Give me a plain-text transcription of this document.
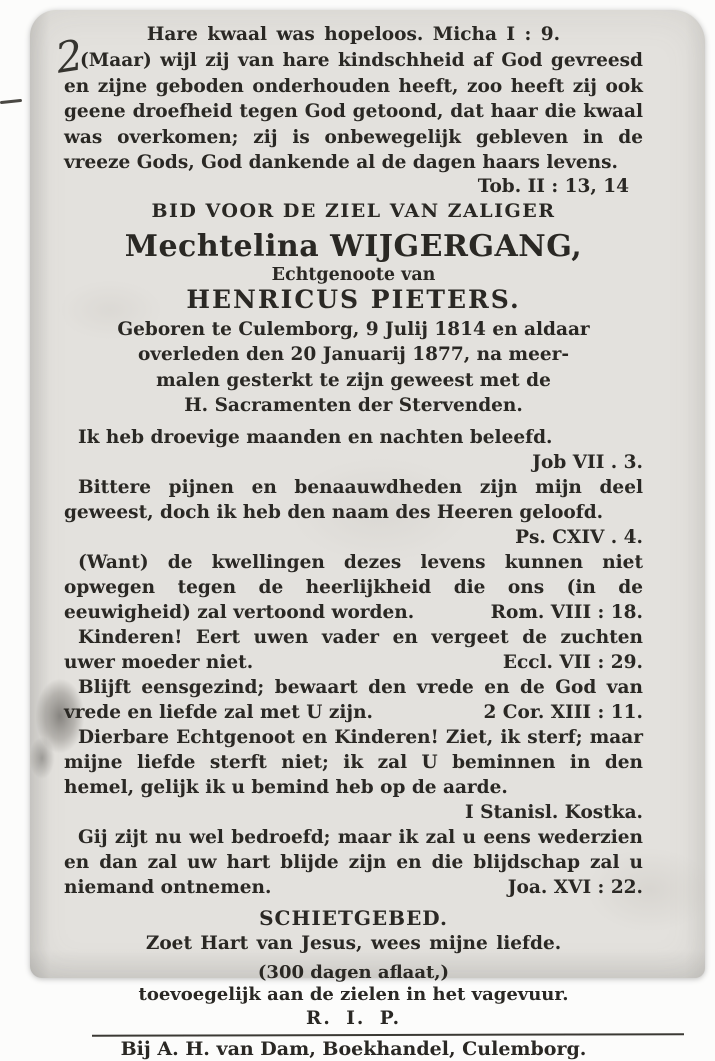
2	Hare kwaal was hopeloos. Micha I : 9.

(Maar) wijl zij van hare kindschheid af God gevreesd en zijne geboden onderhouden heeft, zoo heeft zij ook geene droefheid tegen God getoond, dat haar die kwaal was overkomen; zij is onbewegelijk gebleven in de vreeze Gods, God dankende al de dagen haars levens.

Tob. II : 13, 14
BID VOOR DE ZIEL VAN ZALIGER
Mechtelina WIJGERGANG,
Echtgenoote van
HENRICUS PIETERS.
Geboren te Culemborg, 9 Julij 1814 en aldaar
overleden den 20 Januarij 1877, na meer-
malen gesterkt te zijn geweest met de
H. Sacramenten der Stervenden.

Ik heb droevige maanden en nachten beleefd.
Job VII . 3.

Bittere pijnen en benaauwdheden zijn mijn deel geweest, doch ik heb den naam des Heeren geloofd.
Ps. CXIV . 4.

(Want) de kwellingen dezes levens kunnen niet opwegen tegen de heerlijkheid die ons (in de eeuwigheid) zal vertoond worden.	Rom. VIII : 18.

Kinderen! Eert uwen vader en vergeet de zuchten uwer moeder niet.	Eccl. VII : 29.

Blijft eensgezind; bewaart den vrede en de God van vrede en liefde zal met U zijn.	2 Cor. XIII : 11.

Dierbare Echtgenoot en Kinderen! Ziet, ik sterf; maar mijne liefde sterft niet; ik zal U beminnen in den hemel, gelijk ik u bemind heb op de aarde.
I Stanisl. Kostka.

Gij zijt nu wel bedroefd; maar ik zal u eens wederzien en dan zal uw hart blijde zijn en die blijdschap zal u niemand ontnemen.	Joa. XVI : 22.

SCHIETGEBED.
Zoet Hart van Jesus, wees mijne liefde.
(300 dagen aflaat,)
toevoegelijk aan de zielen in het vagevuur.
R. I. P.
Bij A. H. van Dam, Boekhandel, Culemborg.
